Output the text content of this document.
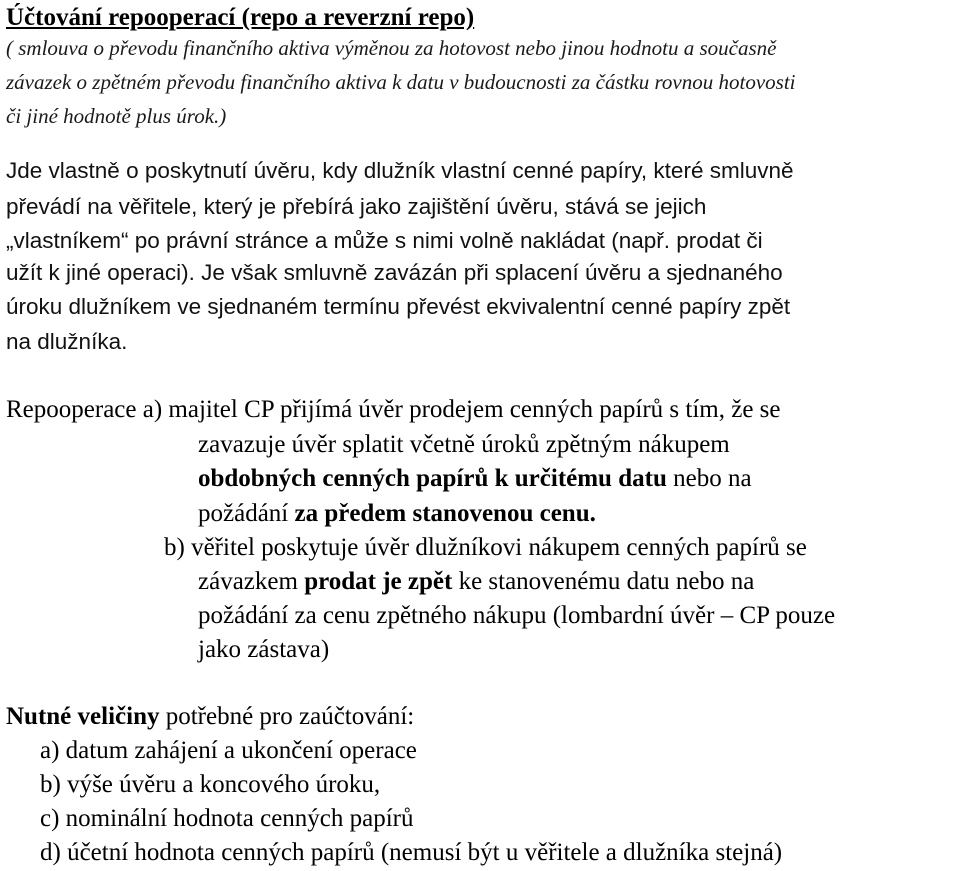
Účtování repooperací (repo a reverzní repo)
( smlouva o převodu finančního aktiva výměnou za hotovost nebo jinou hodnotu a současně
závazek o zpětném převodu finančního aktiva k datu v budoucnosti za částku rovnou hotovosti
či jiné hodnotě plus úrok.)
Jde vlastně o poskytnutí úvěru, kdy dlužník vlastní cenné papíry, které smluvně
převádí na věřitele, který je přebírá jako zajištění úvěru, stává se jejich
„vlastníkem“ po právní stránce a může s nimi volně nakládat (např. prodat či
užít k jiné operaci). Je však smluvně zavázán při splacení úvěru a sjednaného
úroku dlužníkem ve sjednaném termínu převést ekvivalentní cenné papíry zpět
na dlužníka.
Repooperace a) majitel CP přijímá úvěr prodejem cenných papírů s tím, že se
zavazuje úvěr splatit včetně úroků zpětným nákupem
obdobných cenných papírů k určitému datu nebo na
požádání za předem stanovenou cenu.
b) věřitel poskytuje úvěr dlužníkovi nákupem cenných papírů se
závazkem prodat je zpět ke stanovenému datu nebo na
požádání za cenu zpětného nákupu (lombardní úvěr – CP pouze
jako zástava)
Nutné veličiny potřebné pro zaúčtování:
a) datum zahájení a ukončení operace
b) výše úvěru a koncového úroku,
c) nominální hodnota cenných papírů
d) účetní hodnota cenných papírů (nemusí být u věřitele a dlužníka stejná)
